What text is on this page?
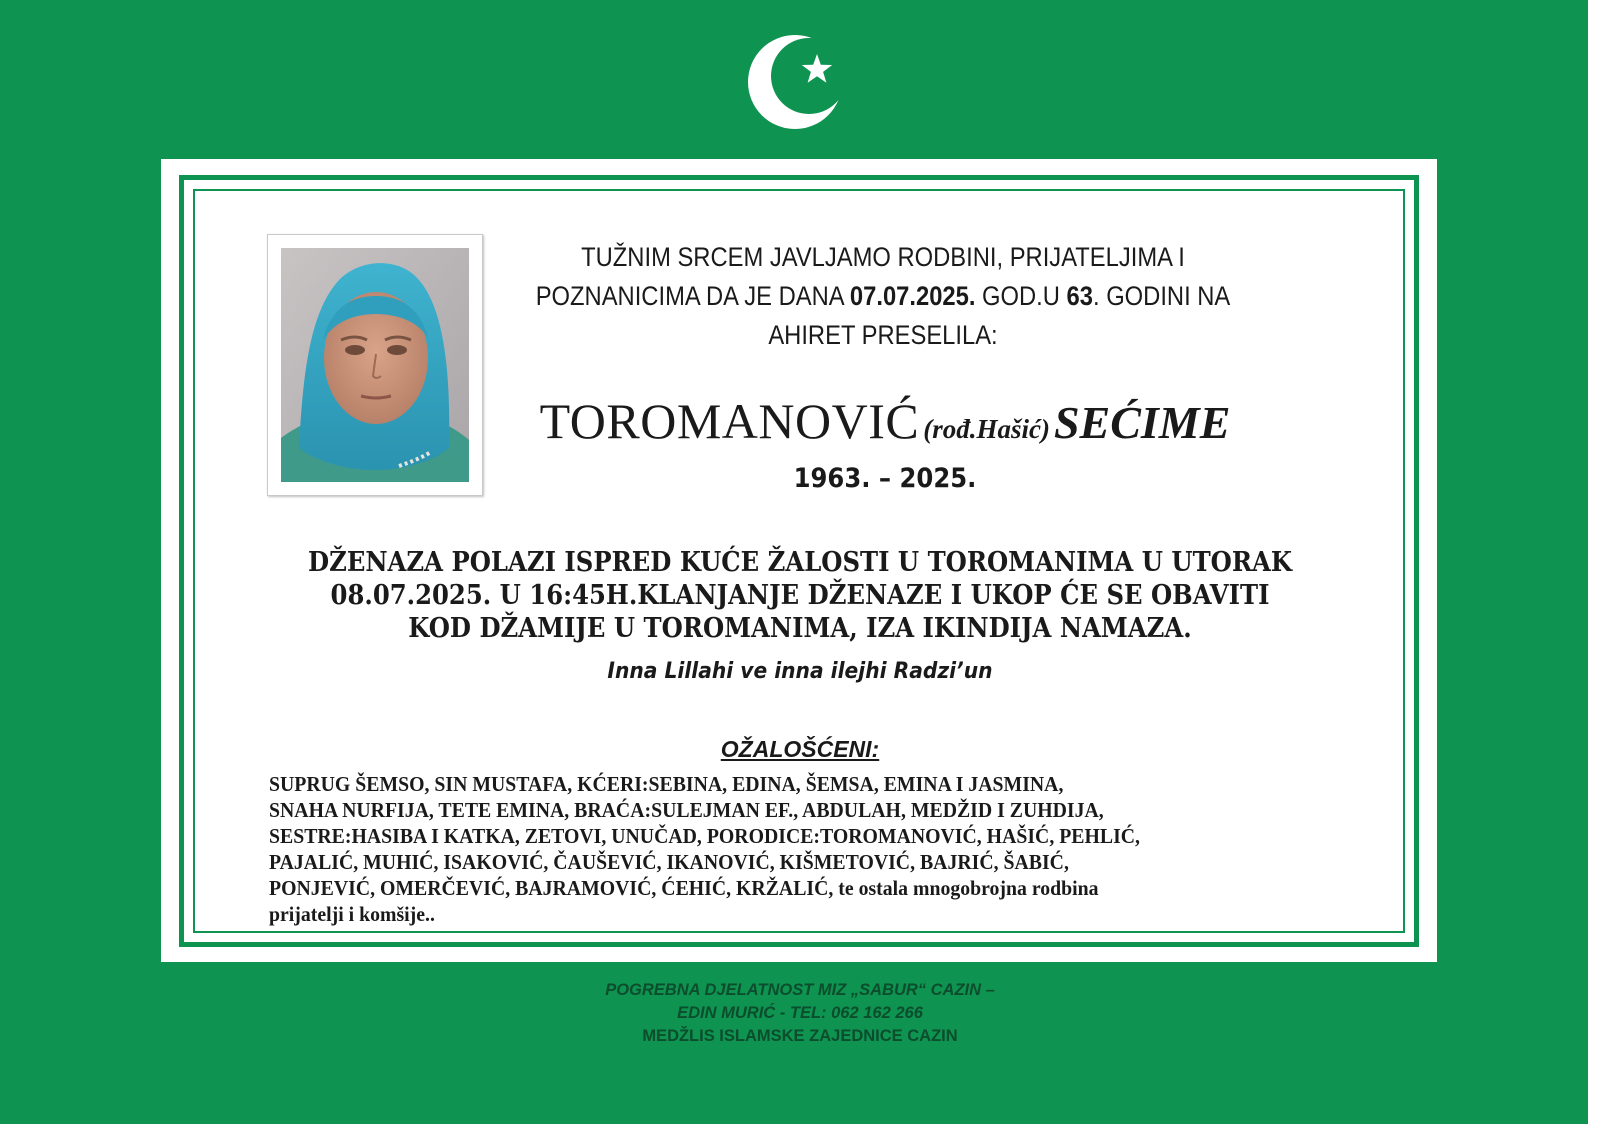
TUŽNIM SRCEM JAVLJAMO RODBINI, PRIJATELJIMA I
POZNANICIMA DA JE DANA 07.07.2025. GOD.U 63. GODINI NA
AHIRET PRESELILA:
TOROMANOVIĆ (rođ.Hašić) SEĆIME
1963. – 2025.
DŽENAZA POLAZI ISPRED KUĆE ŽALOSTI U TOROMANIMA U UTORAK
08.07.2025. U 16:45H.KLANJANJE DŽENAZE I UKOP ĆE SE OBAVITI
KOD DŽAMIJE U TOROMANIMA, IZA IKINDIJA NAMAZA.
Inna Lillahi ve inna ilejhi Radzi’un
OŽALOŠĆENI:
SUPRUG ŠEMSO, SIN MUSTAFA, KĆERI:SEBINA, EDINA, ŠEMSA, EMINA I JASMINA,
SNAHA NURFIJA, TETE EMINA, BRAĆA:SULEJMAN EF., ABDULAH, MEDŽID I ZUHDIJA,
SESTRE:HASIBA I KATKA, ZETOVI, UNUČAD, PORODICE:TOROMANOVIĆ, HAŠIĆ, PEHLIĆ,
PAJALIĆ, MUHIĆ, ISAKOVIĆ, ČAUŠEVIĆ, IKANOVIĆ, KIŠMETOVIĆ, BAJRIĆ, ŠABIĆ,
PONJEVIĆ, OMERČEVIĆ, BAJRAMOVIĆ, ĆEHIĆ, KRŽALIĆ, te ostala mnogobrojna rodbina
prijatelji i komšije..
POGREBNA DJELATNOST MIZ „SABUR“ CAZIN –
EDIN MURIĆ - TEL: 062 162 266
MEDŽLIS ISLAMSKE ZAJEDNICE CAZIN
